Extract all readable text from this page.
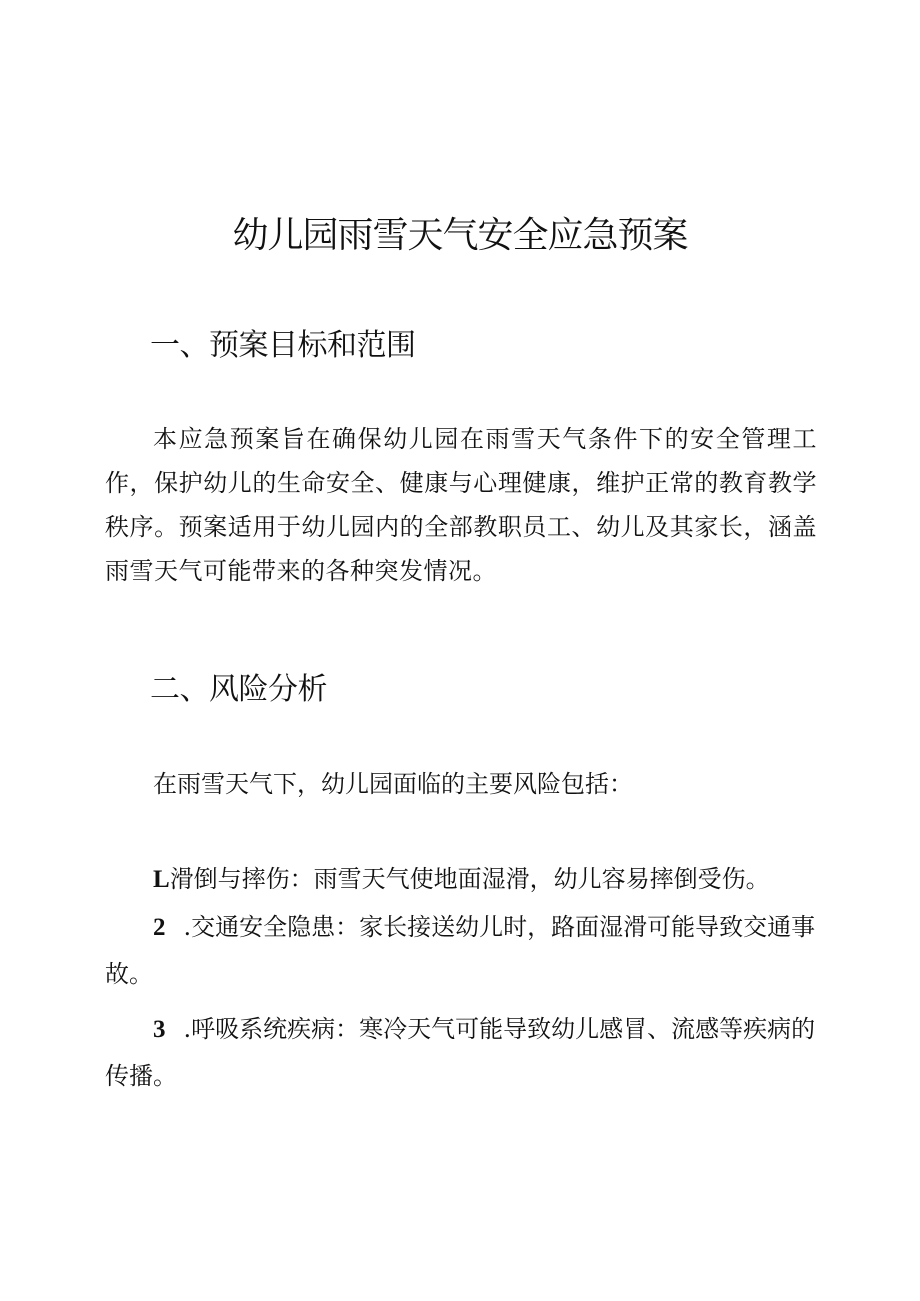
幼儿园雨雪天气安全应急预案
一、预案目标和范围

本应急预案旨在确保幼儿园在雨雪天气条件下的安全管理工作，保护幼儿的生命安全、健康与心理健康，维护正常的教育教学秩序。预案适用于幼儿园内的全部教职员工、幼儿及其家长，涵盖雨雪天气可能带来的各种突发情况。

二、风险分析

在雨雪天气下，幼儿园面临的主要风险包括：

L滑倒与摔伤：雨雪天气使地面湿滑，幼儿容易摔倒受伤。

2 .交通安全隐患：家长接送幼儿时，路面湿滑可能导致交通事故。

3 .呼吸系统疾病：寒冷天气可能导致幼儿感冒、流感等疾病的传播。
